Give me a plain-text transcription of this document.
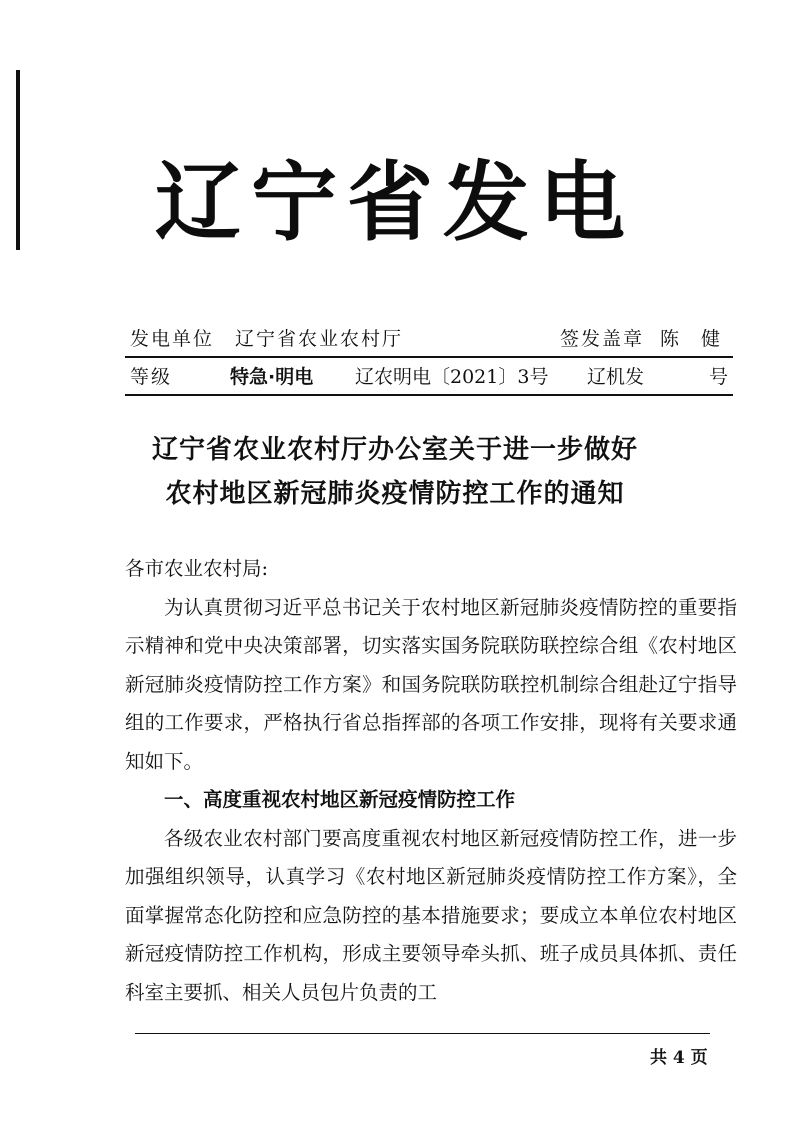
辽宁省发电
发电单位 辽宁省农业农村厅	签发盖章 陈 健
等级	特急·明电 辽农明电〔2021〕3号 辽机发	号
辽宁省农业农村厅办公室关于进一步做好
农村地区新冠肺炎疫情防控工作的通知

各市农业农村局:

为认真贯彻习近平总书记关于农村地区新冠肺炎疫情防控的重要指示精神和党中央决策部署，切实落实国务院联防联控综合组《农村地区新冠肺炎疫情防控工作方案》和国务院联防联控机制综合组赴辽宁指导组的工作要求，严格执行省总指挥部的各项工作安排，现将有关要求通知如下。

一、高度重视农村地区新冠疫情防控工作

各级农业农村部门要高度重视农村地区新冠疫情防控工作，进一步加强组织领导，认真学习《农村地区新冠肺炎疫情防控工作方案》，全面掌握常态化防控和应急防控的基本措施要求；要成立本单位农村地区新冠疫情防控工作机构，形成主要领导牵头抓、班子成员具体抓、责任科室主要抓、相关人员包片负责的工

共 4 页
